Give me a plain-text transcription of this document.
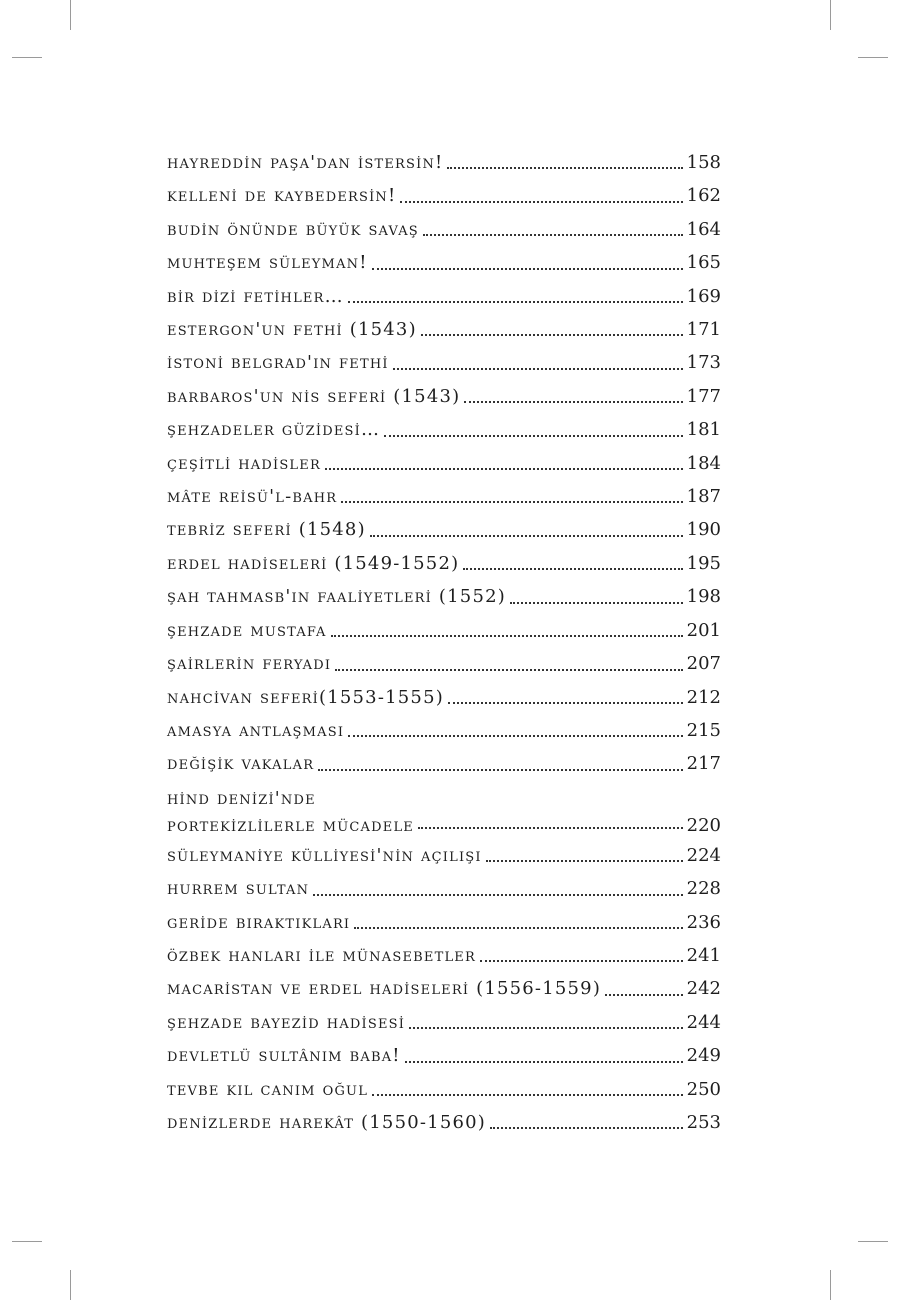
hayreddi̇n paşa'dan i̇stersi̇n!	158
kelleni̇ de kaybedersi̇n!	162
budi̇n önünde büyük savaş	164
muhteşem süleyman!	165
bi̇r di̇zi̇ feti̇hler…	169
estergon'un fethi̇ (1543)	171
i̇stoni̇ belgrad'in fethi̇	173
barbaros'un ni̇s seferi̇ (1543)	177
şehzadeler güzi̇desi̇…	181
çeşi̇tli̇ hadi̇sler	184
mâte rei̇sü'l-bahr	187
tebri̇z seferi̇ (1548)	190
erdel hadi̇seleri̇ (1549-1552)	195
şah tahmasb'in faali̇yetleri̇ (1552)	198
şehzade mustafa	201
şai̇rleri̇n feryadi	207
nahci̇van seferi̇(1553-1555)	212
amasya antlaşmasi	215
deği̇şi̇k vakalar	217
hi̇nd deni̇zi̇'nde
porteki̇zli̇lerle mücadele	220
süleymani̇ye külli̇yesi̇'ni̇n açilişi	224
hurrem sultan	228
geri̇de biraktiklari	236
özbek hanlari i̇le münasebetler	241
macari̇stan ve erdel hadi̇seleri̇ (1556-1559)	242
şehzade bayezi̇d hadi̇sesi̇	244
devletlü sultânim baba!	249
tevbe kil canim oğul	250
deni̇zlerde harekât (1550-1560)	253
